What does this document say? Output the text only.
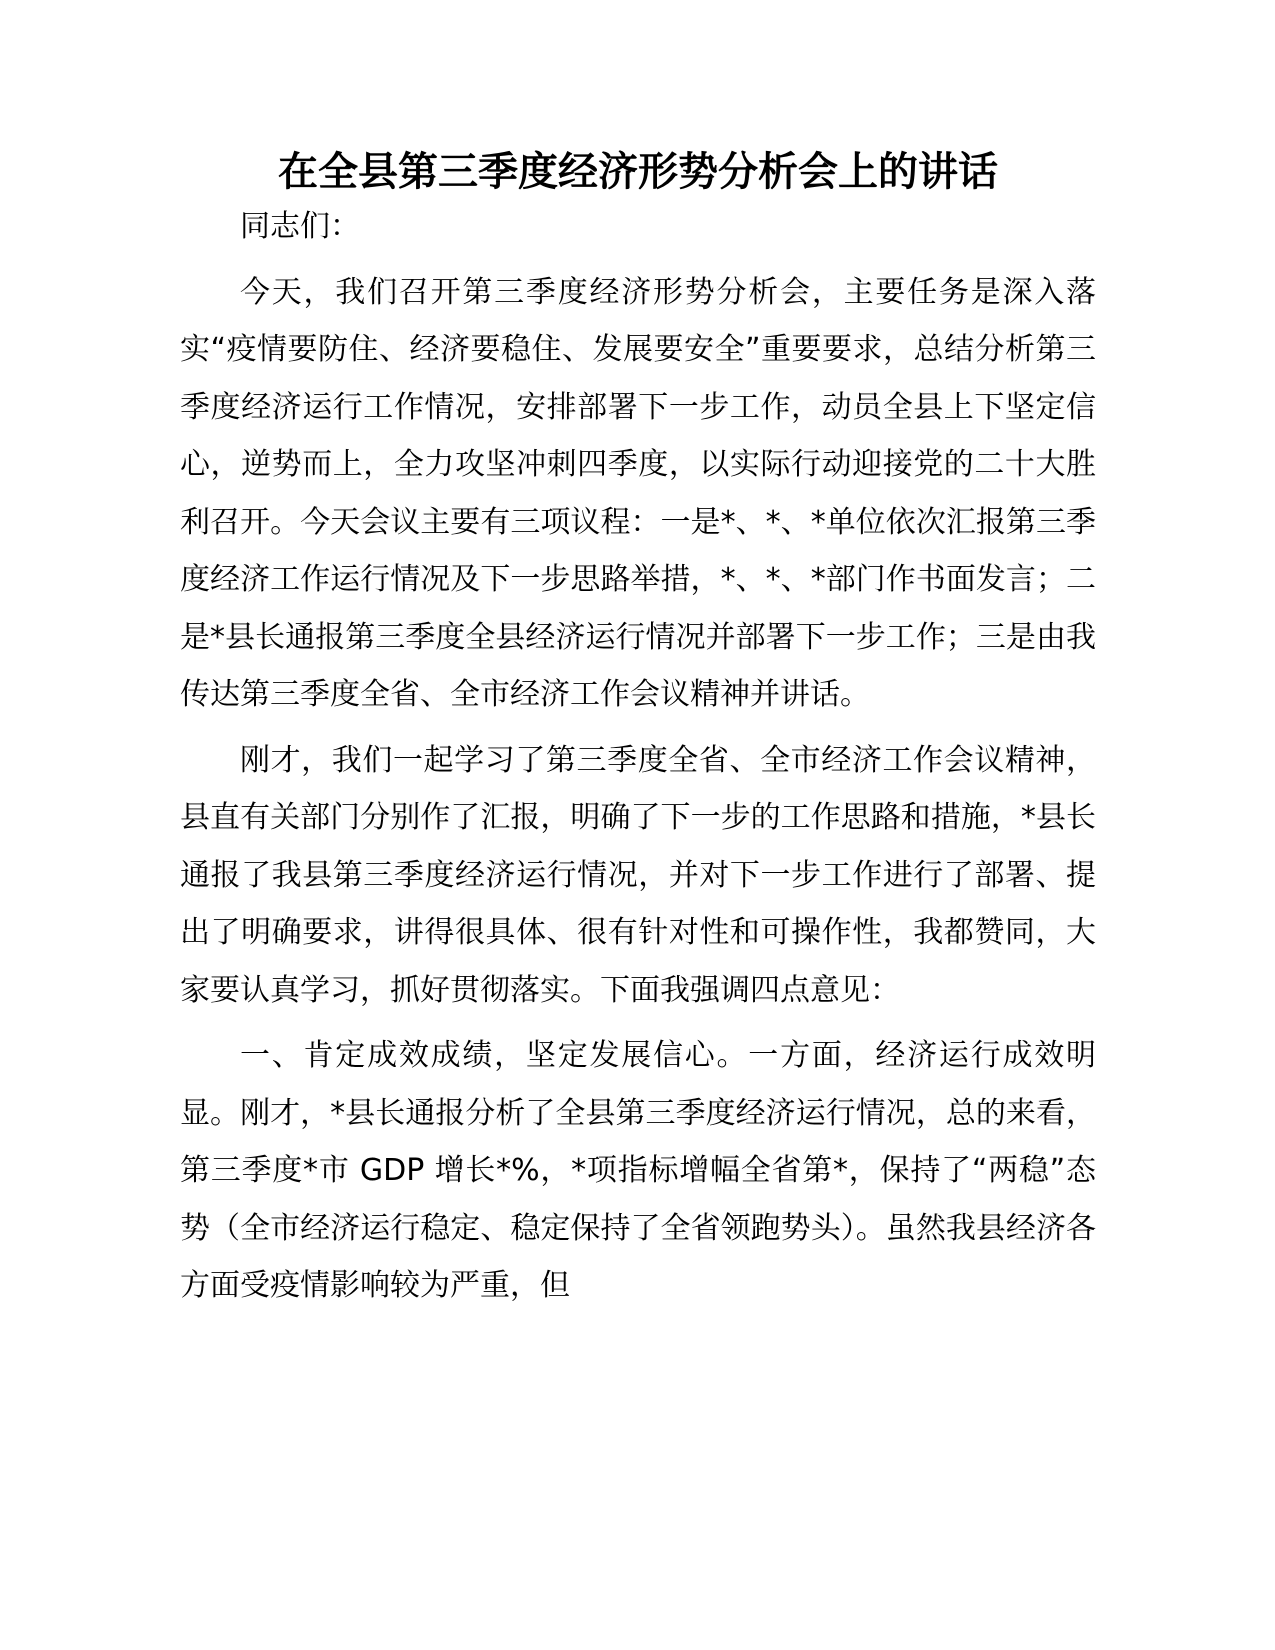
在全县第三季度经济形势分析会上的讲话

同志们：

今天，我们召开第三季度经济形势分析会，主要任务是深入落实“疫情要防住、经济要稳住、发展要安全”重要要求，总结分析第三季度经济运行工作情况，安排部署下一步工作，动员全县上下坚定信心，逆势而上，全力攻坚冲刺四季度，以实际行动迎接党的二十大胜利召开。今天会议主要有三项议程：一是*、*、*单位依次汇报第三季度经济工作运行情况及下一步思路举措，*、*、*部门作书面发言；二是*县长通报第三季度全县经济运行情况并部署下一步工作；三是由我传达第三季度全省、全市经济工作会议精神并讲话。

刚才，我们一起学习了第三季度全省、全市经济工作会议精神，县直有关部门分别作了汇报，明确了下一步的工作思路和措施，*县长通报了我县第三季度经济运行情况，并对下一步工作进行了部署、提出了明确要求，讲得很具体、很有针对性和可操作性，我都赞同，大家要认真学习，抓好贯彻落实。下面我强调四点意见：

一、肯定成效成绩，坚定发展信心。一方面，经济运行成效明显。刚才，*县长通报分析了全县第三季度经济运行情况，总的来看，第三季度*市 GDP 增长*%，*项指标增幅全省第*，保持了“两稳”态势（全市经济运行稳定、稳定保持了全省领跑势头）。虽然我县经济各方面受疫情影响较为严重，但
